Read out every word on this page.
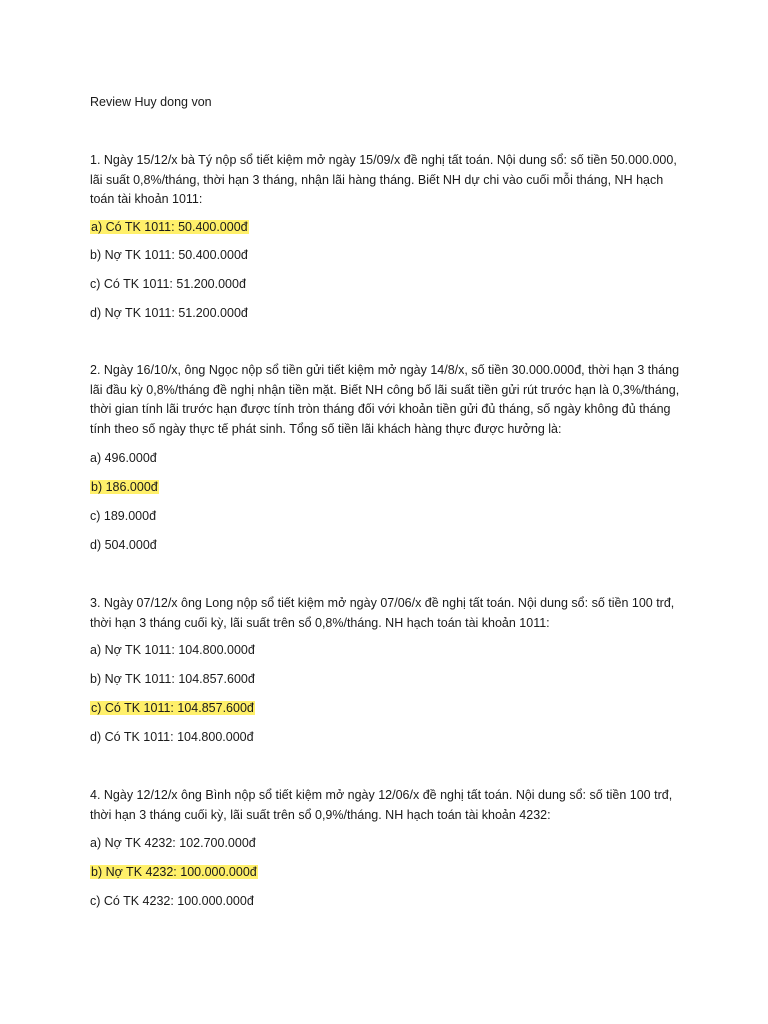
Review Huy dong von

1. Ngày 15/12/x bà Tý nộp sổ tiết kiệm mở ngày 15/09/x đề nghị tất toán. Nội dung sổ: số tiền 50.000.000, lãi suất 0,8%/tháng, thời hạn 3 tháng, nhận lãi hàng tháng. Biết NH dự chi vào cuối mỗi tháng, NH hạch toán tài khoản 1011:

a) Có TK 1011: 50.400.000đ

b) Nợ TK 1011: 50.400.000đ

c) Có TK 1011: 51.200.000đ

d) Nợ TK 1011: 51.200.000đ

2. Ngày 16/10/x, ông Ngọc nộp sổ tiền gửi tiết kiệm mở ngày 14/8/x, số tiền 30.000.000đ, thời hạn 3 tháng lãi đầu kỳ 0,8%/tháng đề nghị nhận tiền mặt. Biết NH công bố lãi suất tiền gửi rút trước hạn là 0,3%/tháng, thời gian tính lãi trước hạn được tính tròn tháng đối với khoản tiền gửi đủ tháng, số ngày không đủ tháng tính theo số ngày thực tế phát sinh. Tổng số tiền lãi khách hàng thực được hưởng là:

a) 496.000đ

b) 186.000đ

c) 189.000đ

d) 504.000đ

3. Ngày 07/12/x ông Long nộp sổ tiết kiệm mở ngày 07/06/x đề nghị tất toán. Nội dung sổ: số tiền 100 trđ, thời hạn 3 tháng cuối kỳ, lãi suất trên sổ 0,8%/tháng. NH hạch toán tài khoản 1011:

a) Nợ TK 1011: 104.800.000đ

b) Nợ TK 1011: 104.857.600đ

c) Có TK 1011: 104.857.600đ

d) Có TK 1011: 104.800.000đ

4. Ngày 12/12/x ông Bình nộp sổ tiết kiệm mở ngày 12/06/x đề nghị tất toán. Nội dung sổ: số tiền 100 trđ, thời hạn 3 tháng cuối kỳ, lãi suất trên sổ 0,9%/tháng. NH hạch toán tài khoản 4232:

a) Nợ TK 4232: 102.700.000đ

b) Nợ TK 4232: 100.000.000đ

c) Có TK 4232: 100.000.000đ
